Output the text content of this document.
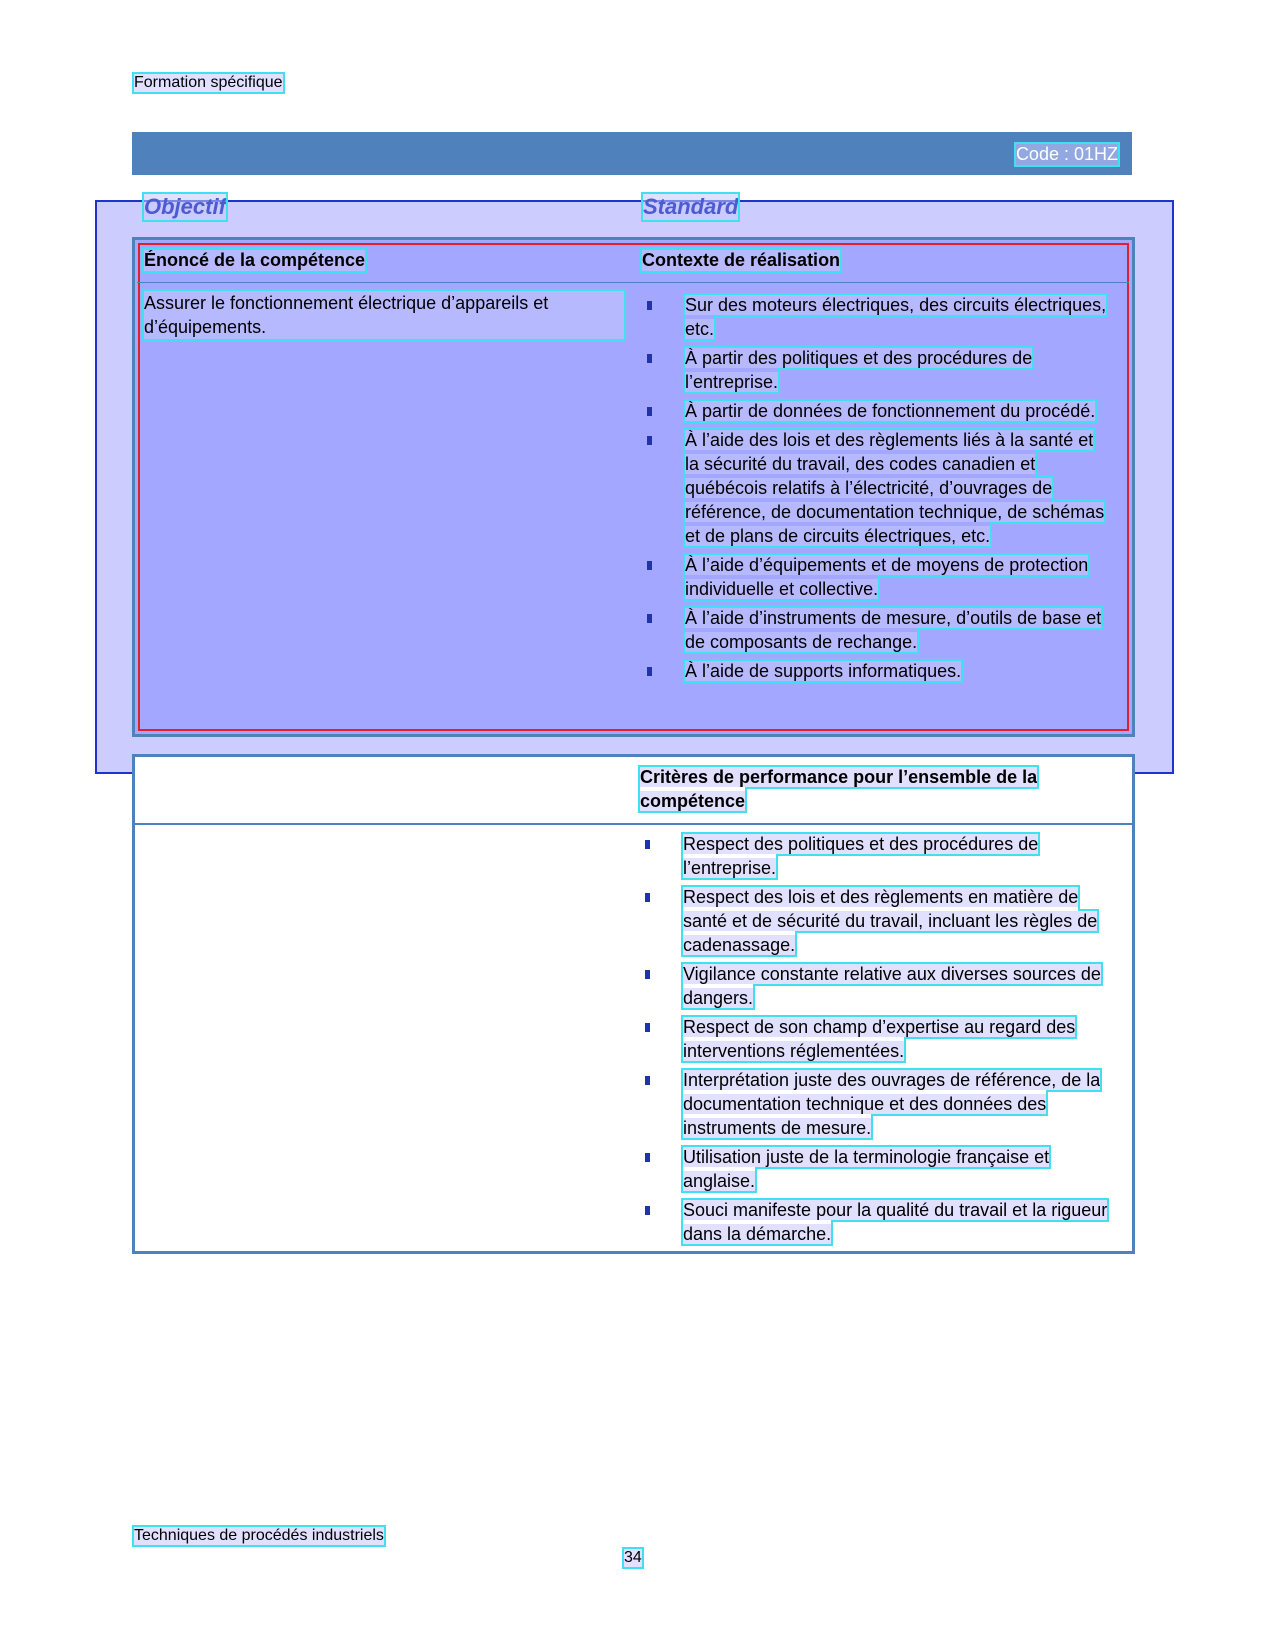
Formation spécifique
Code : 01HZ
Objectif	Standard
Énoncé de la compétence	Contexte de réalisation
Assurer le fonctionnement électrique d’appareils et d’équipements.
Sur des moteurs électriques, des circuits électriques, etc.
À partir des politiques et des procédures de l’entreprise.
À partir de données de fonctionnement du procédé.
À l’aide des lois et des règlements liés à la santé et la sécurité du travail, des codes canadien et québécois relatifs à l’électricité, d’ouvrages de référence, de documentation technique, de schémas et de plans de circuits électriques, etc.
À l’aide d’équipements et de moyens de protection individuelle et collective.
À l’aide d’instruments de mesure, d’outils de base et de composants de rechange.
À l’aide de supports informatiques.
Critères de performance pour l’ensemble de la compétence
Respect des politiques et des procédures de l’entreprise.
Respect des lois et des règlements en matière de santé et de sécurité du travail, incluant les règles de cadenassage.
Vigilance constante relative aux diverses sources de dangers.
Respect de son champ d’expertise au regard des interventions réglementées.
Interprétation juste des ouvrages de référence, de la documentation technique et des données des instruments de mesure.
Utilisation juste de la terminologie française et anglaise.
Souci manifeste pour la qualité du travail et la rigueur dans la démarche.
Techniques de procédés industriels
34
